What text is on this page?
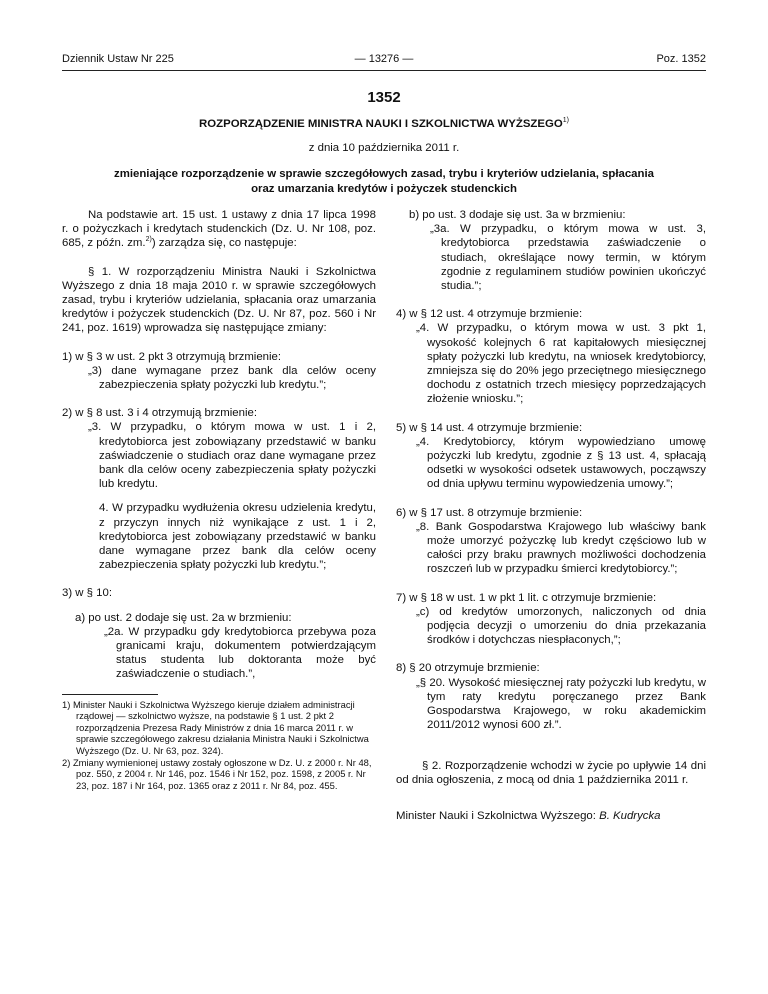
Dziennik Ustaw Nr 225	— 13276 —	Poz. 1352
1352
ROZPORZĄDZENIE MINISTRA NAUKI I SZKOLNICTWA WYŻSZEGO$^{1)}$
z dnia 10 października 2011 r.
zmieniające rozporządzenie w sprawie szczegółowych zasad, trybu i kryteriów udzielania, spłacania
oraz umarzania kredytów i pożyczek studenckich

Na podstawie art. 15 ust. 1 ustawy z dnia 17 lipca 1998 r. o pożyczkach i kredytach studenckich (Dz. U. Nr 108, poz. 685, z późn. zm.$^{2)}$) zarządza się, co następuje:

§ 1. W rozporządzeniu Ministra Nauki i Szkolnictwa Wyższego z dnia 18 maja 2010 r. w sprawie szczegółowych zasad, trybu i kryteriów udzielania, spłacania oraz umarzania kredytów i pożyczek studenckich (Dz. U. Nr 87, poz. 560 i Nr 241, poz. 1619) wprowadza się następujące zmiany:

1) w § 3 w ust. 2 pkt 3 otrzymują brzmienie:

„3) dane wymagane przez bank dla celów oceny zabezpieczenia spłaty pożyczki lub kredytu.”;

2) w § 8 ust. 3 i 4 otrzymują brzmienie:

„3. W przypadku, o którym mowa w ust. 1 i 2, kredytobiorca jest zobowiązany przedstawić w banku zaświadczenie o studiach oraz dane wymagane przez bank dla celów oceny zabezpieczenia spłaty pożyczki lub kredytu.

4. W przypadku wydłużenia okresu udzielenia kredytu, z przyczyn innych niż wynikające z ust. 1 i 2, kredytobiorca jest zobowiązany przedstawić w banku dane wymagane przez bank dla celów oceny zabezpieczenia spłaty pożyczki lub kredytu.”;

3) w § 10:

a) po ust. 2 dodaje się ust. 2a w brzmieniu:

„2a. W przypadku gdy kredytobiorca przebywa poza granicami kraju, dokumentem potwierdzającym status studenta lub doktoranta może być zaświadczenie o studiach.”,

1) Minister Nauki i Szkolnictwa Wyższego kieruje działem administracji rządowej — szkolnictwo wyższe, na podstawie § 1 ust. 2 pkt 2 rozporządzenia Prezesa Rady Ministrów z dnia 16 marca 2011 r. w sprawie szczegółowego zakresu działania Ministra Nauki i Szkolnictwa Wyższego (Dz. U. Nr 63, poz. 324).

2) Zmiany wymienionej ustawy zostały ogłoszone w Dz. U. z 2000 r. Nr 48, poz. 550, z 2004 r. Nr 146, poz. 1546 i Nr 152, poz. 1598, z 2005 r. Nr 23, poz. 187 i Nr 164, poz. 1365 oraz z 2011 r. Nr 84, poz. 455.

b) po ust. 3 dodaje się ust. 3a w brzmieniu:

„3a. W przypadku, o którym mowa w ust. 3, kredytobiorca przedstawia zaświadczenie o studiach, określające nowy termin, w którym zgodnie z regulaminem studiów powinien ukończyć studia.”;

4) w § 12 ust. 4 otrzymuje brzmienie:

„4. W przypadku, o którym mowa w ust. 3 pkt 1, wysokość kolejnych 6 rat kapitałowych miesięcznej spłaty pożyczki lub kredytu, na wniosek kredytobiorcy, zmniejsza się do 20% jego przeciętnego miesięcznego dochodu z ostatnich trzech miesięcy poprzedzających złożenie wniosku.”;

5) w § 14 ust. 4 otrzymuje brzmienie:

„4. Kredytobiorcy, którym wypowiedziano umowę pożyczki lub kredytu, zgodnie z § 13 ust. 4, spłacają odsetki w wysokości odsetek ustawowych, począwszy od dnia upływu terminu wypowiedzenia umowy.”;

6) w § 17 ust. 8 otrzymuje brzmienie:

„8. Bank Gospodarstwa Krajowego lub właściwy bank może umorzyć pożyczkę lub kredyt częściowo lub w całości przy braku prawnych możliwości dochodzenia roszczeń lub w przypadku śmierci kredytobiorcy.”;

7) w § 18 w ust. 1 w pkt 1 lit. c otrzymuje brzmienie:

„c) od kredytów umorzonych, naliczonych od dnia podjęcia decyzji o umorzeniu do dnia przekazania środków i dotychczas niespłaconych,”;

8) § 20 otrzymuje brzmienie:

„§ 20. Wysokość miesięcznej raty pożyczki lub kredytu, w tym raty kredytu poręczanego przez Bank Gospodarstwa Krajowego, w roku akademickim 2011/2012 wynosi 600 zł.”.

§ 2. Rozporządzenie wchodzi w życie po upływie 14 dni od dnia ogłoszenia, z mocą od dnia 1 października 2011 r.

Minister Nauki i Szkolnictwa Wyższego: B. Kudrycka
